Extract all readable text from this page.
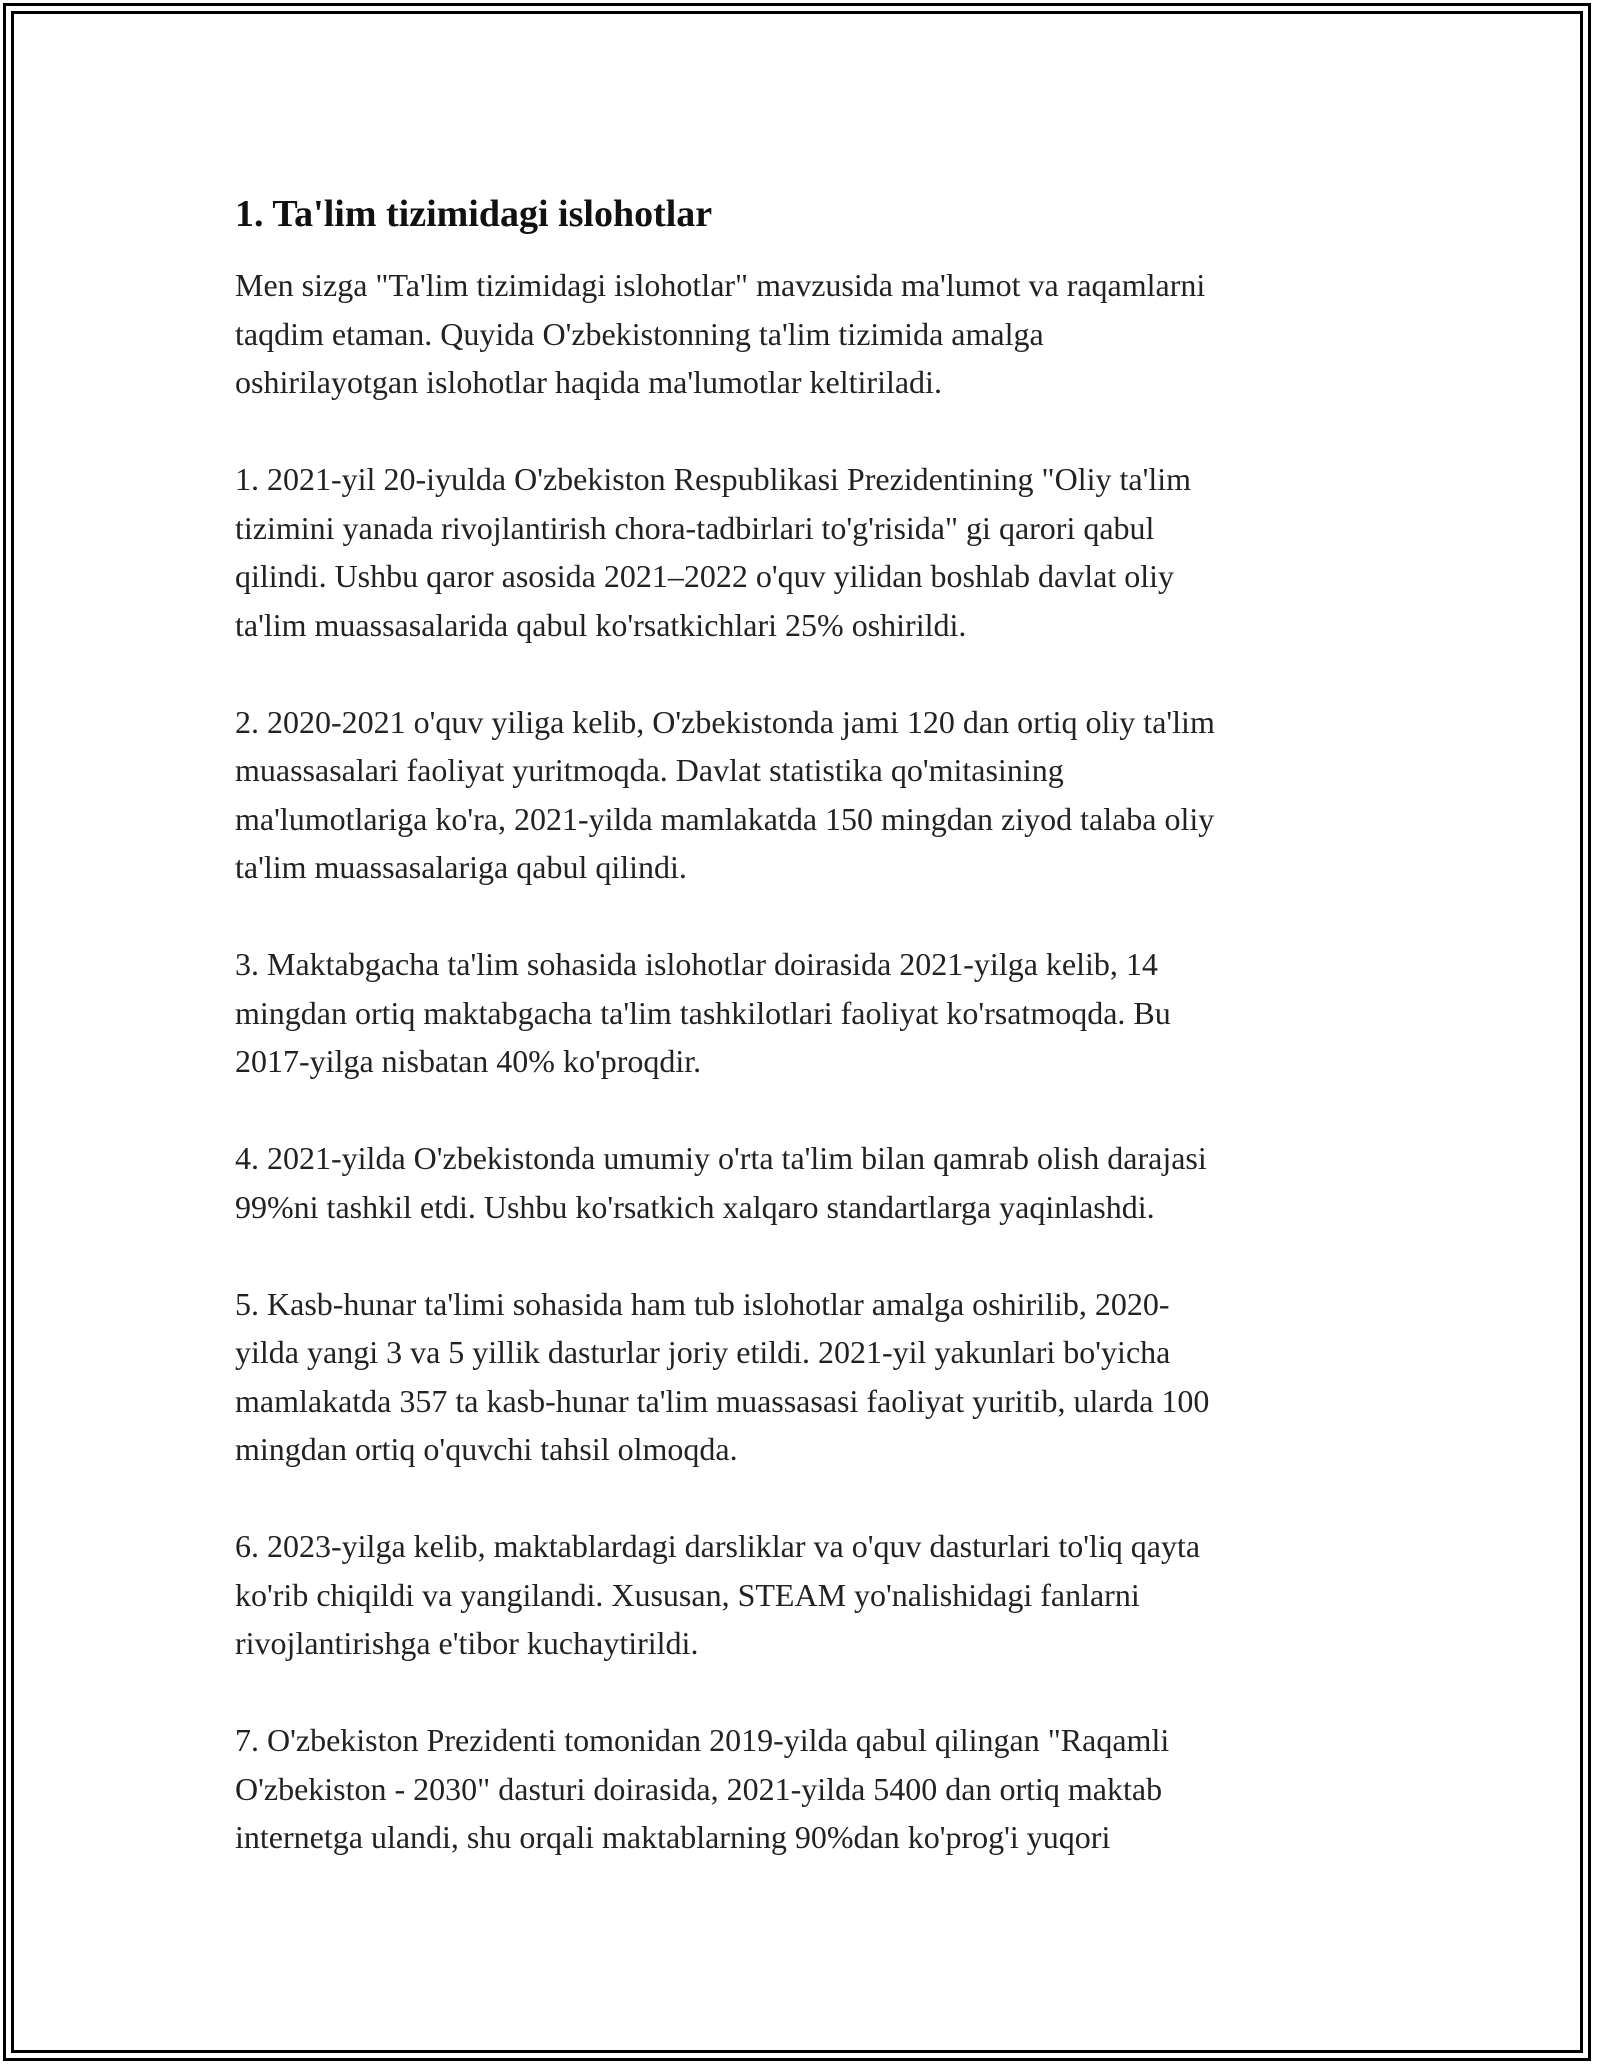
1. Ta'lim tizimidagi islohotlar
Men sizga "Ta'lim tizimidagi islohotlar" mavzusida ma'lumot va raqamlarni
taqdim etaman. Quyida O'zbekistonning ta'lim tizimida amalga
oshirilayotgan islohotlar haqida ma'lumotlar keltiriladi.
1. 2021-yil 20-iyulda O'zbekiston Respublikasi Prezidentining "Oliy ta'lim
tizimini yanada rivojlantirish chora-tadbirlari to'g'risida" gi qarori qabul
qilindi. Ushbu qaror asosida 2021–2022 o'quv yilidan boshlab davlat oliy
ta'lim muassasalarida qabul ko'rsatkichlari 25% oshirildi.
2. 2020-2021 o'quv yiliga kelib, O'zbekistonda jami 120 dan ortiq oliy ta'lim
muassasalari faoliyat yuritmoqda. Davlat statistika qo'mitasining
ma'lumotlariga ko'ra, 2021-yilda mamlakatda 150 mingdan ziyod talaba oliy
ta'lim muassasalariga qabul qilindi.
3. Maktabgacha ta'lim sohasida islohotlar doirasida 2021-yilga kelib, 14
mingdan ortiq maktabgacha ta'lim tashkilotlari faoliyat ko'rsatmoqda. Bu
2017-yilga nisbatan 40% ko'proqdir.
4. 2021-yilda O'zbekistonda umumiy o'rta ta'lim bilan qamrab olish darajasi
99%ni tashkil etdi. Ushbu ko'rsatkich xalqaro standartlarga yaqinlashdi.
5. Kasb-hunar ta'limi sohasida ham tub islohotlar amalga oshirilib, 2020-
yilda yangi 3 va 5 yillik dasturlar joriy etildi. 2021-yil yakunlari bo'yicha
mamlakatda 357 ta kasb-hunar ta'lim muassasasi faoliyat yuritib, ularda 100
mingdan ortiq o'quvchi tahsil olmoqda.
6. 2023-yilga kelib, maktablardagi darsliklar va o'quv dasturlari to'liq qayta
ko'rib chiqildi va yangilandi. Xususan, STEAM yo'nalishidagi fanlarni
rivojlantirishga e'tibor kuchaytirildi.
7. O'zbekiston Prezidenti tomonidan 2019-yilda qabul qilingan "Raqamli
O'zbekiston - 2030" dasturi doirasida, 2021-yilda 5400 dan ortiq maktab
internetga ulandi, shu orqali maktablarning 90%dan ko'prog'i yuqori
